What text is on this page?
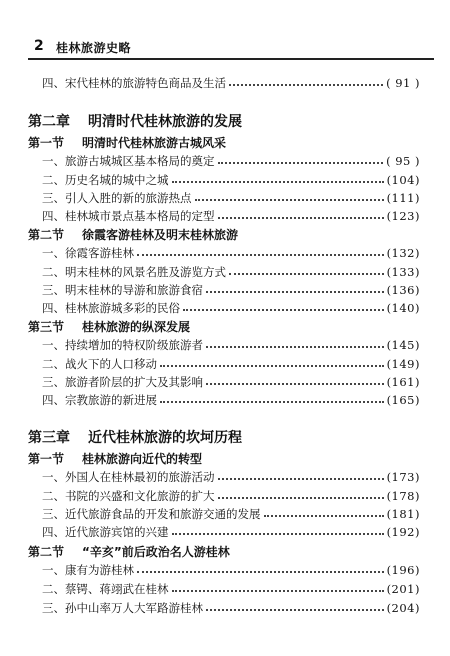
2 桂林旅游史略
四、宋代桂林的旅游特色商品及生活	( 91 )
第二章 明清时代桂林旅游的发展
第一节 明清时代桂林旅游古城风采
一、旅游古城城区基本格局的奠定	( 95 )
二、历史名城的城中之城	(104)
三、引人入胜的新的旅游热点	(111)
四、桂林城市景点基本格局的定型	(123)
第二节 徐霞客游桂林及明末桂林旅游
一、徐霞客游桂林	(132)
二、明末桂林的风景名胜及游览方式	(133)
三、明末桂林的导游和旅游食宿	(136)
四、桂林旅游城多彩的民俗	(140)
第三节 桂林旅游的纵深发展
一、持续增加的特权阶级旅游者	(145)
二、战火下的人口移动	(149)
三、旅游者阶层的扩大及其影响	(161)
四、宗教旅游的新进展	(165)
第三章 近代桂林旅游的坎坷历程
第一节 桂林旅游向近代的转型
一、外国人在桂林最初的旅游活动	(173)
二、书院的兴盛和文化旅游的扩大	(178)
三、近代旅游食品的开发和旅游交通的发展	(181)
四、近代旅游宾馆的兴建	(192)
第二节 “辛亥”前后政治名人游桂林
一、康有为游桂林	(196)
二、蔡锷、蒋翊武在桂林	(201)
三、孙中山率万人大军路游桂林	(204)
